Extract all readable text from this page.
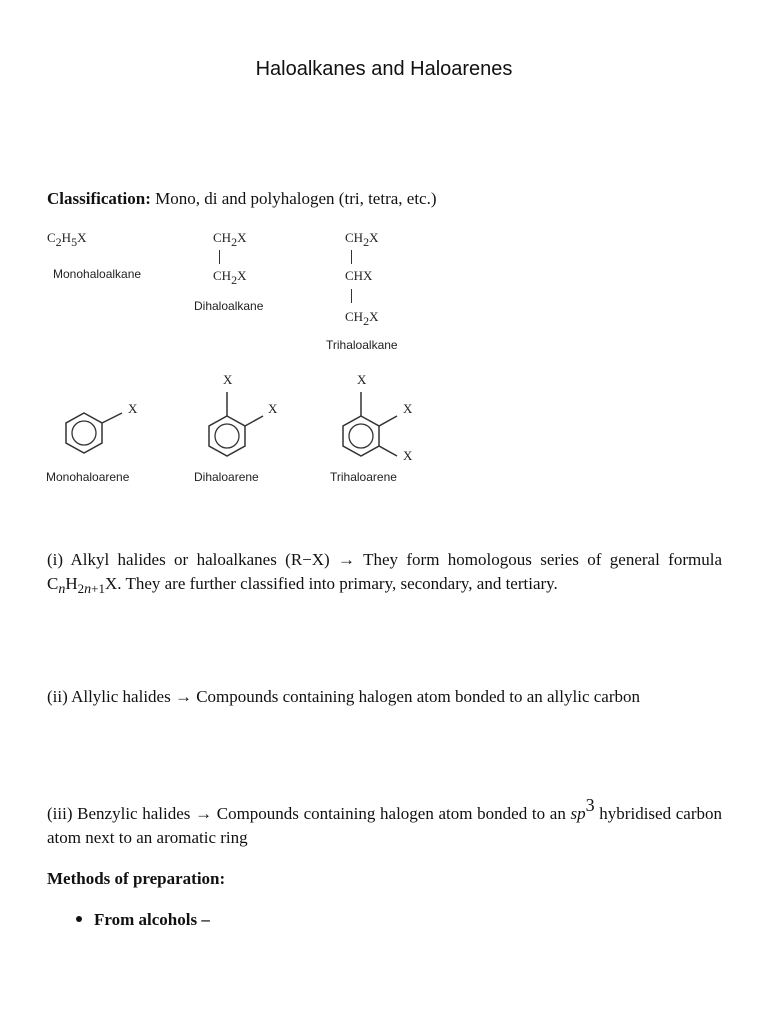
Haloalkanes and Haloarenes
Classification: Mono, di and polyhalogen (tri, tetra, etc.)
C2H5X
Monohaloalkane
CH2X
CH2X
Dihaloalkane
CH2X
CHX
CH2X
Trihaloalkane
X
Monohaloarene
X
X
Dihaloarene
X
X
X
Trihaloarene
(i) Alkyl halides or haloalkanes (R−X) → They form homologous series of general formula $C_nH_{2n+1}X$. They are further classified into primary, secondary, and tertiary.
(ii) Allylic halides → Compounds containing halogen atom bonded to an allylic carbon
(iii) Benzylic halides → Compounds containing halogen atom bonded to an sp3 hybridised carbon atom next to an aromatic ring
Methods of preparation:
From alcohols –
